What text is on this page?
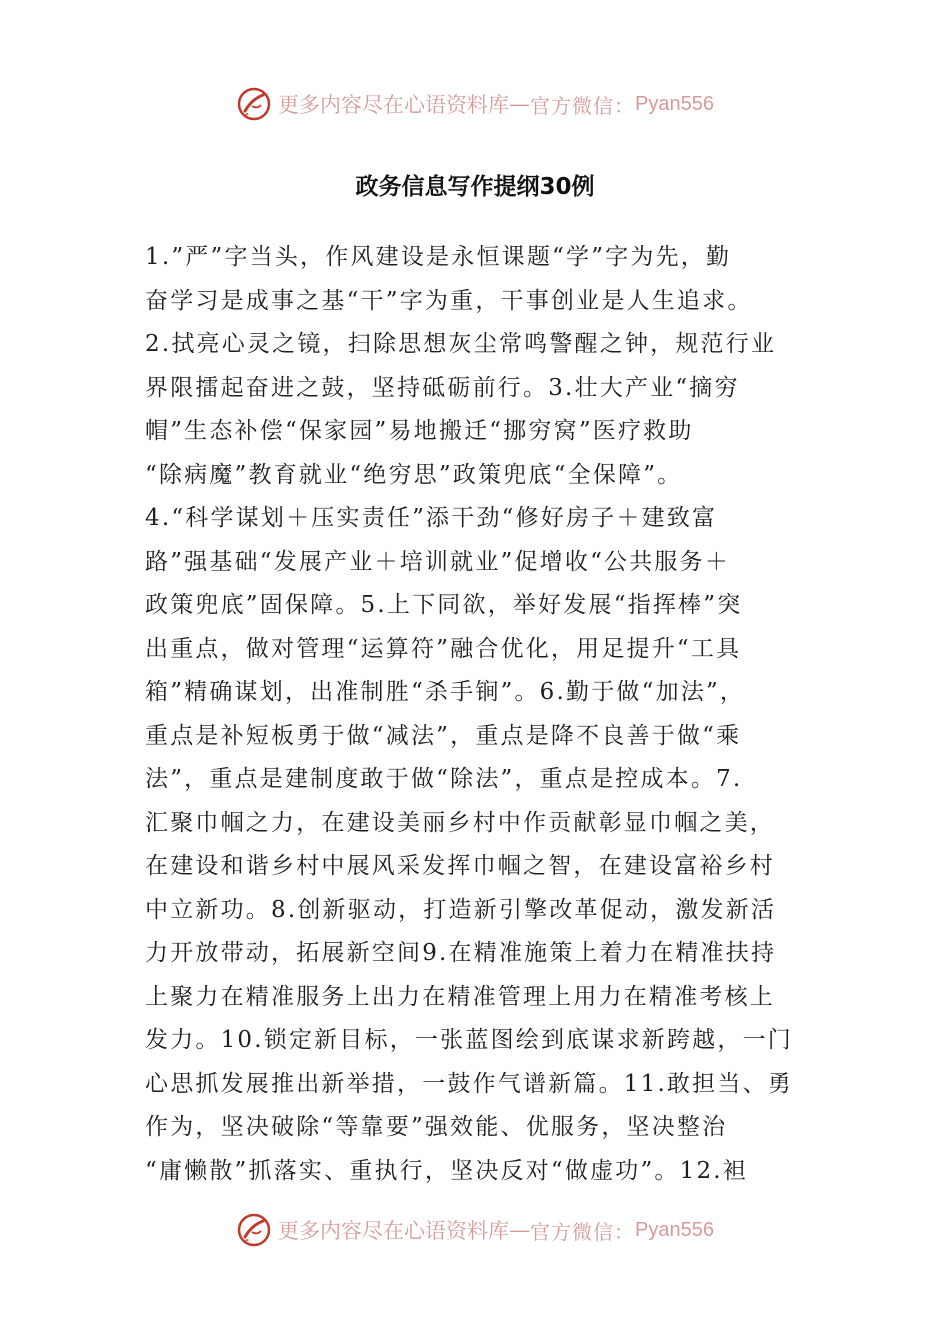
更多内容尽在心语资料库 — 官方微信： Pyan556
政务信息写作提纲30例
1.”严”字当头，作风建设是永恒课题“学”字为先，勤
奋学习是成事之基“干”字为重，干事创业是人生追求。
2.拭亮心灵之镜，扫除思想灰尘常鸣警醒之钟，规范行业
界限擂起奋进之鼓，坚持砥砺前行。3.壮大产业“摘穷
帽”生态补偿“保家园”易地搬迁“挪穷窝”医疗救助
“除病魔”教育就业“绝穷思”政策兜底“全保障”。
4.“科学谋划＋压实责任”添干劲“修好房子＋建致富
路”强基础“发展产业＋培训就业”促增收“公共服务＋
政策兜底”固保障。5.上下同欲，举好发展“指挥棒”突
出重点，做对管理“运算符”融合优化，用足提升“工具
箱”精确谋划，出准制胜“杀手锏”。6.勤于做“加法”，
重点是补短板勇于做“减法”，重点是降不良善于做“乘
法”，重点是建制度敢于做“除法”，重点是控成本。7.
汇聚巾帼之力，在建设美丽乡村中作贡献彰显巾帼之美，
在建设和谐乡村中展风采发挥巾帼之智，在建设富裕乡村
中立新功。8.创新驱动，打造新引擎改革促动，激发新活
力开放带动，拓展新空间9.在精准施策上着力在精准扶持
上聚力在精准服务上出力在精准管理上用力在精准考核上
发力。10.锁定新目标，一张蓝图绘到底谋求新跨越，一门
心思抓发展推出新举措，一鼓作气谱新篇。11.敢担当、勇
作为，坚决破除“等靠要”强效能、优服务，坚决整治
“庸懒散”抓落实、重执行，坚决反对“做虚功”。12.袒
更多内容尽在心语资料库 — 官方微信： Pyan556
